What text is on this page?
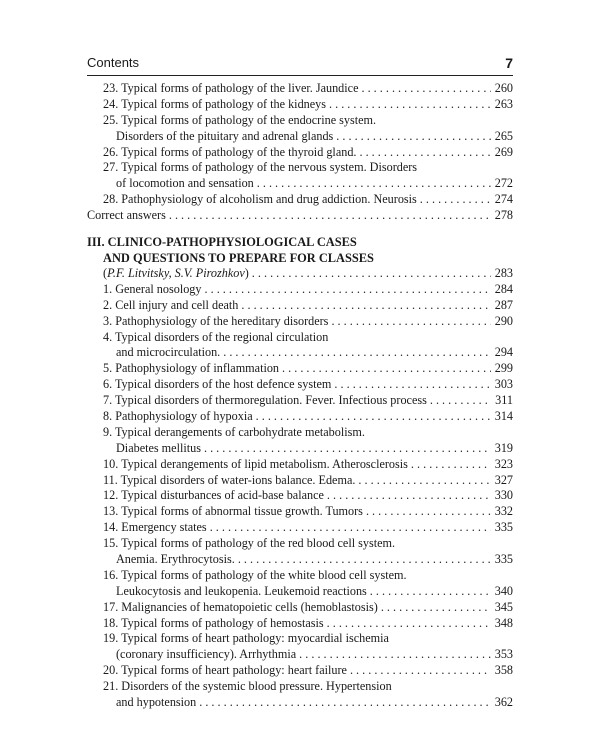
Contents	7
23. Typical forms of pathology of the liver. Jaundice . . .	260
24. Typical forms of pathology of the kidneys . . .	263
25. Typical forms of pathology of the endocrine system.
Disorders of the pituitary and adrenal glands . . .	265
26. Typical forms of pathology of the thyroid gland. . . .	269
27. Typical forms of pathology of the nervous system. Disorders
of locomotion and sensation . . .	272
28. Pathophysiology of alcoholism and drug addiction. Neurosis . . .	274
Correct answers . . .	278
III. CLINICO-PATHOPHYSIOLOGICAL CASES
AND QUESTIONS TO PREPARE FOR CLASSES
(P.F. Litvitsky, S.V. Pirozhkov) . . .	283
1. General nosology . . .	284
2. Cell injury and cell death . . .	287
3. Pathophysiology of the hereditary disorders . . .	290
4. Typical disorders of the regional circulation
and microcirculation. . . .	294
5. Pathophysiology of inflammation . . .	299
6. Typical disorders of the host defence system . . .	303
7. Typical disorders of thermoregulation. Fever. Infectious process . . .	311
8. Pathophysiology of hypoxia . . .	314
9. Typical derangements of carbohydrate metabolism.
Diabetes mellitus . . .	319
10. Typical derangements of lipid metabolism. Atherosclerosis . . .	323
11. Typical disorders of water-ions balance. Edema. . . .	327
12. Typical disturbances of acid-base balance . . .	330
13. Typical forms of abnormal tissue growth. Tumors . . .	332
14. Emergency states . . .	335
15. Typical forms of pathology of the red blood cell system.
Anemia. Erythrocytosis. . . .	335
16. Typical forms of pathology of the white blood cell system.
Leukocytosis and leukopenia. Leukemoid reactions . . .	340
17. Malignancies of hematopoietic cells (hemoblastosis) . . .	345
18. Typical forms of pathology of hemostasis . . .	348
19. Typical forms of heart pathology: myocardial ischemia
(coronary insufficiency). Arrhythmia . . .	353
20. Typical forms of heart pathology: heart failure . . .	358
21. Disorders of the systemic blood pressure. Hypertension
and hypotension . . .	362
